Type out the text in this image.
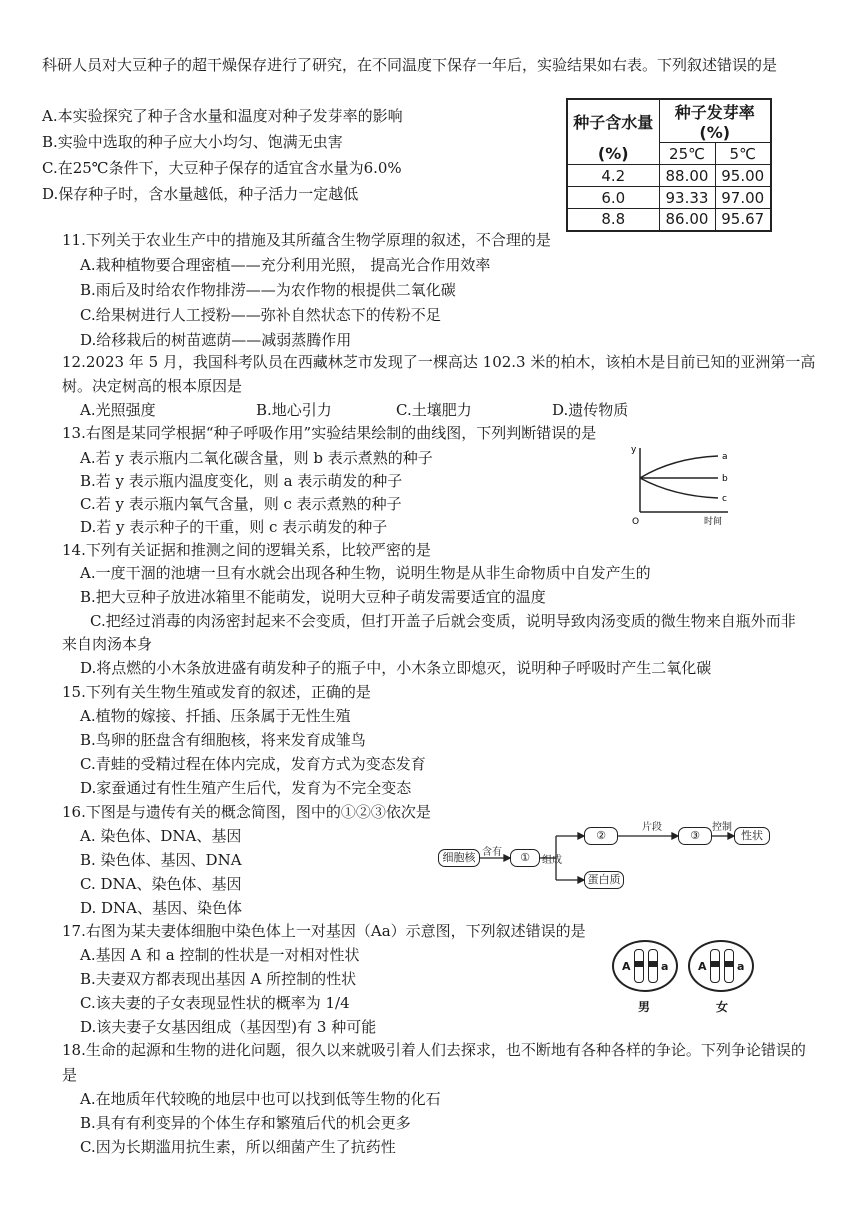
科研人员对大豆种子的超干燥保存进行了研究，在不同温度下保存一年后，实验结果如右表。下列叙述错误的是
A.本实验探究了种子含水量和温度对种子发芽率的影响
B.实验中选取的种子应大小均匀、饱满无虫害
C.在25℃条件下，大豆种子保存的适宜含水量为6.0%
D.保存种子时，含水量越低，种子活力一定越低
种子含水量	种子发芽率 (%)	
(%)	25℃	5℃
4.2	88.00	95.00
6.0	93.33	97.00
8.8	86.00	95.67
11.下列关于农业生产中的措施及其所蕴含生物学原理的叙述，不合理的是
A.栽种植物要合理密植——充分利用光照， 提高光合作用效率
B.雨后及时给农作物排涝——为农作物的根提供二氧化碳
C.给果树进行人工授粉——弥补自然状态下的传粉不足
D.给移栽后的树苗遮荫——减弱蒸腾作用
12.2023 年 5 月，我国科考队员在西藏林芝市发现了一棵高达 102.3 米的柏木，该柏木是目前已知的亚洲第一高
树。决定树高的根本原因是
A.光照强度	B.地心引力	C.土壤肥力	D.遗传物质
13.右图是某同学根据“种子呼吸作用”实验结果绘制的曲线图，下列判断错误的是
A.若 y 表示瓶内二氧化碳含量，则 b 表示煮熟的种子
B.若 y 表示瓶内温度变化，则 a 表示萌发的种子
C.若 y 表示瓶内氧气含量，则 c 表示煮熟的种子
D.若 y 表示种子的干重，则 c 表示萌发的种子
y
O	时间
a
b
c
14.下列有关证据和推测之间的逻辑关系，比较严密的是
A.一度干涸的池塘一旦有水就会出现各种生物，说明生物是从非生命物质中自发产生的
B.把大豆种子放进冰箱里不能萌发，说明大豆种子萌发需要适宜的温度
C.把经过消毒的肉汤密封起来不会变质，但打开盖子后就会变质，说明导致肉汤变质的微生物来自瓶外而非
来自肉汤本身
D.将点燃的小木条放进盛有萌发种子的瓶子中，小木条立即熄灭，说明种子呼吸时产生二氧化碳
15.下列有关生物生殖或发育的叙述，正确的是
A.植物的嫁接、扦插、压条属于无性生殖
B.鸟卵的胚盘含有细胞核，将来发育成雏鸟
C.青蛙的受精过程在体内完成，发育方式为变态发育
D.家蚕通过有性生殖产生后代，发育为不完全变态
16.下图是与遗传有关的概念简图，图中的①②③依次是
A. 染色体、DNA、基因
B. 染色体、基因、DNA
C. DNA、染色体、基因
D. DNA、基因、染色体
细胞核 含有	①	组成
②
片段
③
控制
性状
蛋白质
17.右图为某夫妻体细胞中染色体上一对基因（Aa）示意图，下列叙述错误的是
A.基因 A 和 a 控制的性状是一对相对性状
B.夫妻双方都表现出基因 A 所控制的性状
C.该夫妻的子女表现显性状的概率为 1/4
D.该夫妻子女基因组成（基因型)有 3 种可能
A	a	A	a
男	女
18.生命的起源和生物的进化问题，很久以来就吸引着人们去探求，也不断地有各种各样的争论。下列争论错误的
是
A.在地质年代较晚的地层中也可以找到低等生物的化石
B.具有有利变异的个体生存和繁殖后代的机会更多
C.因为长期滥用抗生素，所以细菌产生了抗药性
